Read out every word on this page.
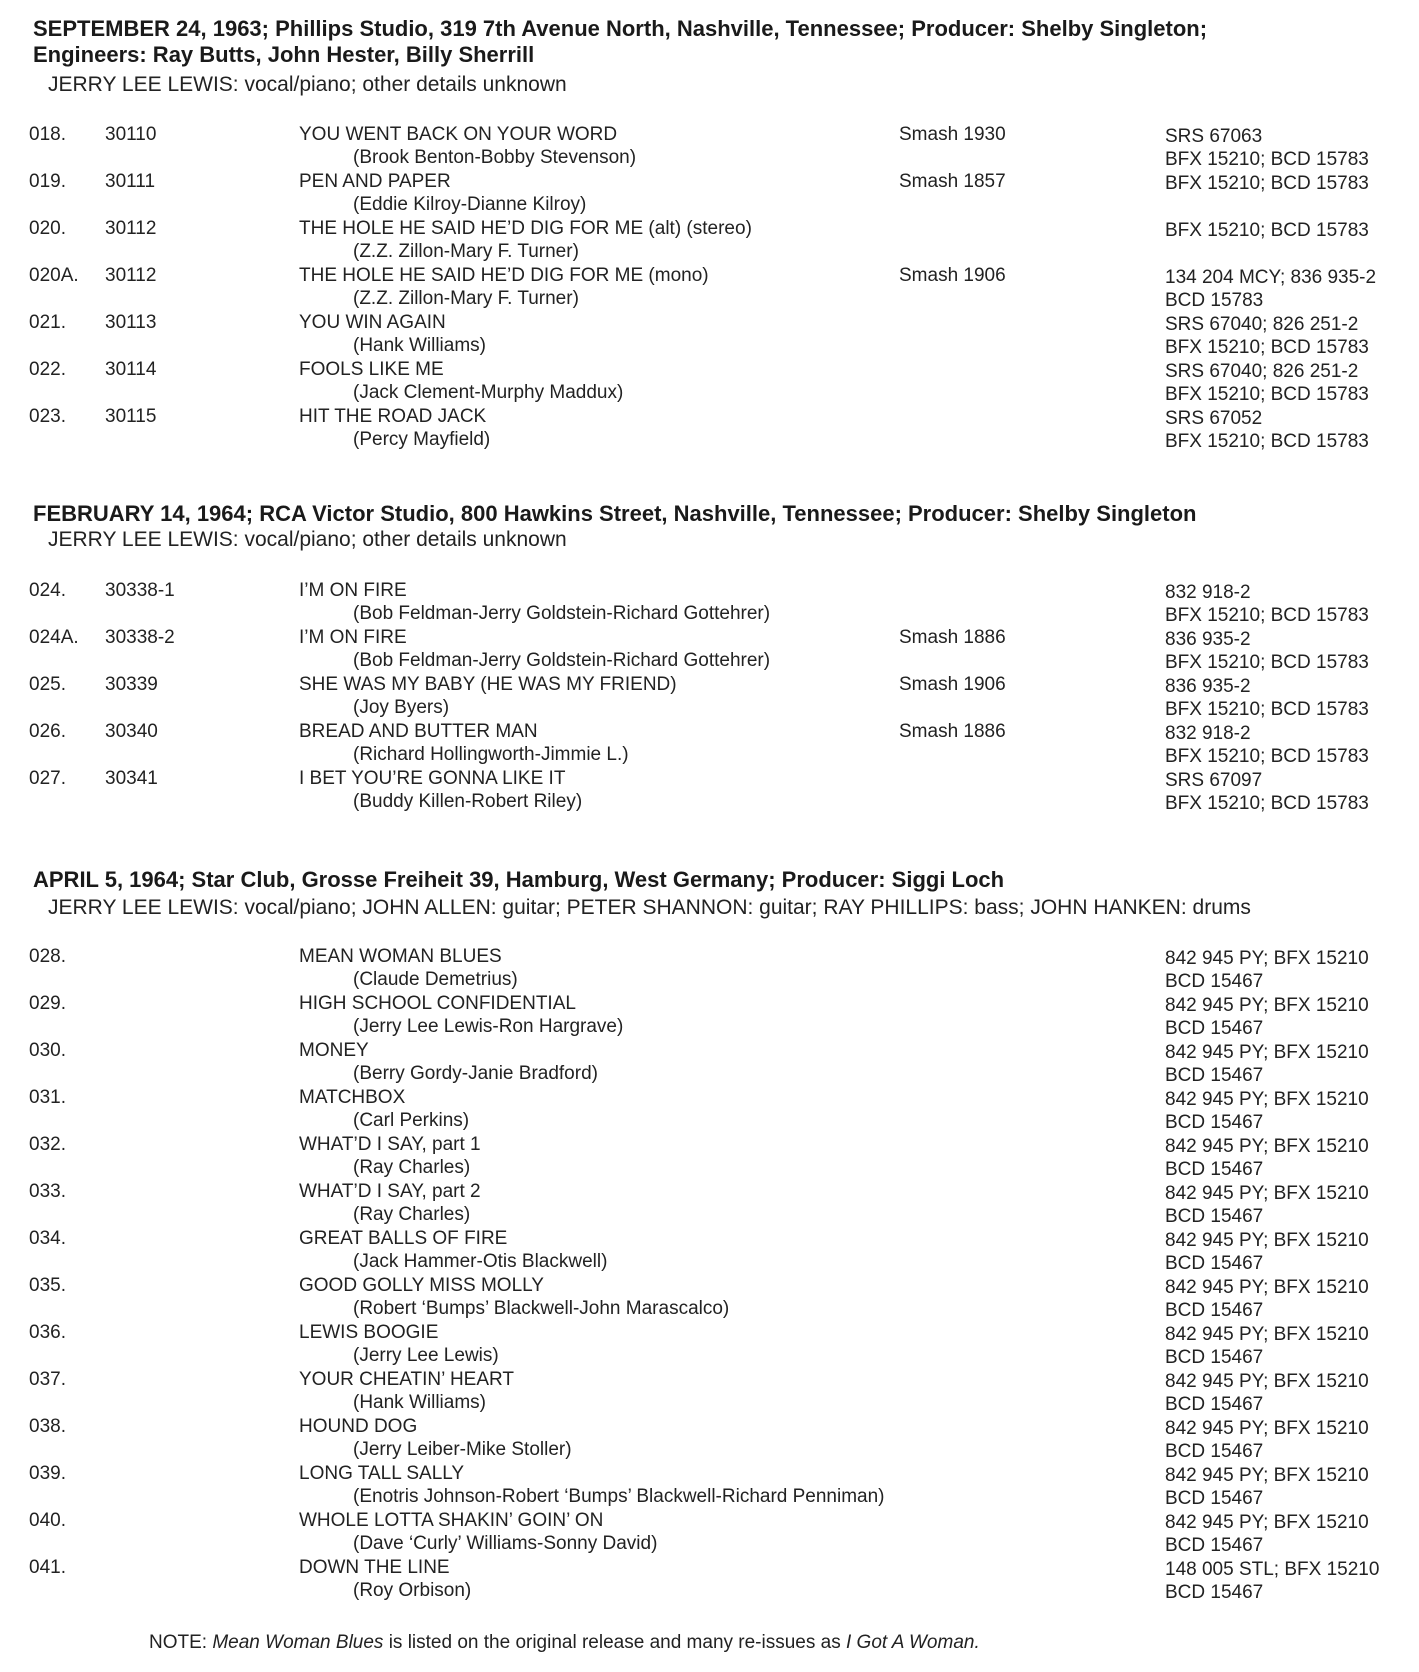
SEPTEMBER 24, 1963; Phillips Studio, 319 7th Avenue North, Nashville, Tennessee; Producer: Shelby Singleton;
Engineers: Ray Butts, John Hester, Billy Sherrill
JERRY LEE LEWIS: vocal/piano; other details unknown
018. 30110	YOU WENT BACK ON YOUR WORD
(Brook Benton-Bobby Stevenson)
Smash 1930	SRS 67063
BFX 15210; BCD 15783
019. 30111	PEN AND PAPER
(Eddie Kilroy-Dianne Kilroy)
Smash 1857	BFX 15210; BCD 15783
020. 30112	THE HOLE HE SAID HE’D DIG FOR ME (alt) (stereo)
(Z.Z. Zillon-Mary F. Turner)
BFX 15210; BCD 15783
020A. 30112	THE HOLE HE SAID HE’D DIG FOR ME (mono)
(Z.Z. Zillon-Mary F. Turner)
Smash 1906	134 204 MCY; 836 935-2
BCD 15783
021. 30113	YOU WIN AGAIN
(Hank Williams)
SRS 67040; 826 251-2
BFX 15210; BCD 15783
022. 30114	FOOLS LIKE ME
(Jack Clement-Murphy Maddux)
SRS 67040; 826 251-2
BFX 15210; BCD 15783
023. 30115	HIT THE ROAD JACK
(Percy Mayfield)
SRS 67052
BFX 15210; BCD 15783
FEBRUARY 14, 1964; RCA Victor Studio, 800 Hawkins Street, Nashville, Tennessee; Producer: Shelby Singleton
JERRY LEE LEWIS: vocal/piano; other details unknown
024. 30338-1	I’M ON FIRE
(Bob Feldman-Jerry Goldstein-Richard Gottehrer)
832 918-2
BFX 15210; BCD 15783
024A. 30338-2	I’M ON FIRE
(Bob Feldman-Jerry Goldstein-Richard Gottehrer)
Smash 1886	836 935-2
BFX 15210; BCD 15783
025. 30339	SHE WAS MY BABY (HE WAS MY FRIEND)
(Joy Byers)
Smash 1906	836 935-2
BFX 15210; BCD 15783
026. 30340	BREAD AND BUTTER MAN
(Richard Hollingworth-Jimmie L.)
Smash 1886	832 918-2
BFX 15210; BCD 15783
027. 30341	I BET YOU’RE GONNA LIKE IT
(Buddy Killen-Robert Riley)
SRS 67097
BFX 15210; BCD 15783
APRIL 5, 1964; Star Club, Grosse Freiheit 39, Hamburg, West Germany; Producer: Siggi Loch
JERRY LEE LEWIS: vocal/piano; JOHN ALLEN: guitar; PETER SHANNON: guitar; RAY PHILLIPS: bass; JOHN HANKEN: drums
028.	MEAN WOMAN BLUES
(Claude Demetrius)
842 945 PY; BFX 15210
BCD 15467
029.	HIGH SCHOOL CONFIDENTIAL
(Jerry Lee Lewis-Ron Hargrave)
842 945 PY; BFX 15210
BCD 15467
030.	MONEY
(Berry Gordy-Janie Bradford)
842 945 PY; BFX 15210
BCD 15467
031.	MATCHBOX
(Carl Perkins)
842 945 PY; BFX 15210
BCD 15467
032.	WHAT’D I SAY, part 1
(Ray Charles)
842 945 PY; BFX 15210
BCD 15467
033.	WHAT’D I SAY, part 2
(Ray Charles)
842 945 PY; BFX 15210
BCD 15467
034.	GREAT BALLS OF FIRE
(Jack Hammer-Otis Blackwell)
842 945 PY; BFX 15210
BCD 15467
035.	GOOD GOLLY MISS MOLLY
(Robert ‘Bumps’ Blackwell-John Marascalco)
842 945 PY; BFX 15210
BCD 15467
036.	LEWIS BOOGIE
(Jerry Lee Lewis)
842 945 PY; BFX 15210
BCD 15467
037.	YOUR CHEATIN’ HEART
(Hank Williams)
842 945 PY; BFX 15210
BCD 15467
038.	HOUND DOG
(Jerry Leiber-Mike Stoller)
842 945 PY; BFX 15210
BCD 15467
039.	LONG TALL SALLY
(Enotris Johnson-Robert ‘Bumps’ Blackwell-Richard Penniman)
842 945 PY; BFX 15210
BCD 15467
040.	WHOLE LOTTA SHAKIN’ GOIN’ ON
(Dave ‘Curly’ Williams-Sonny David)
842 945 PY; BFX 15210
BCD 15467
041.	DOWN THE LINE
(Roy Orbison)
148 005 STL; BFX 15210
BCD 15467
NOTE: Mean Woman Blues is listed on the original release and many re-issues as I Got A Woman.
